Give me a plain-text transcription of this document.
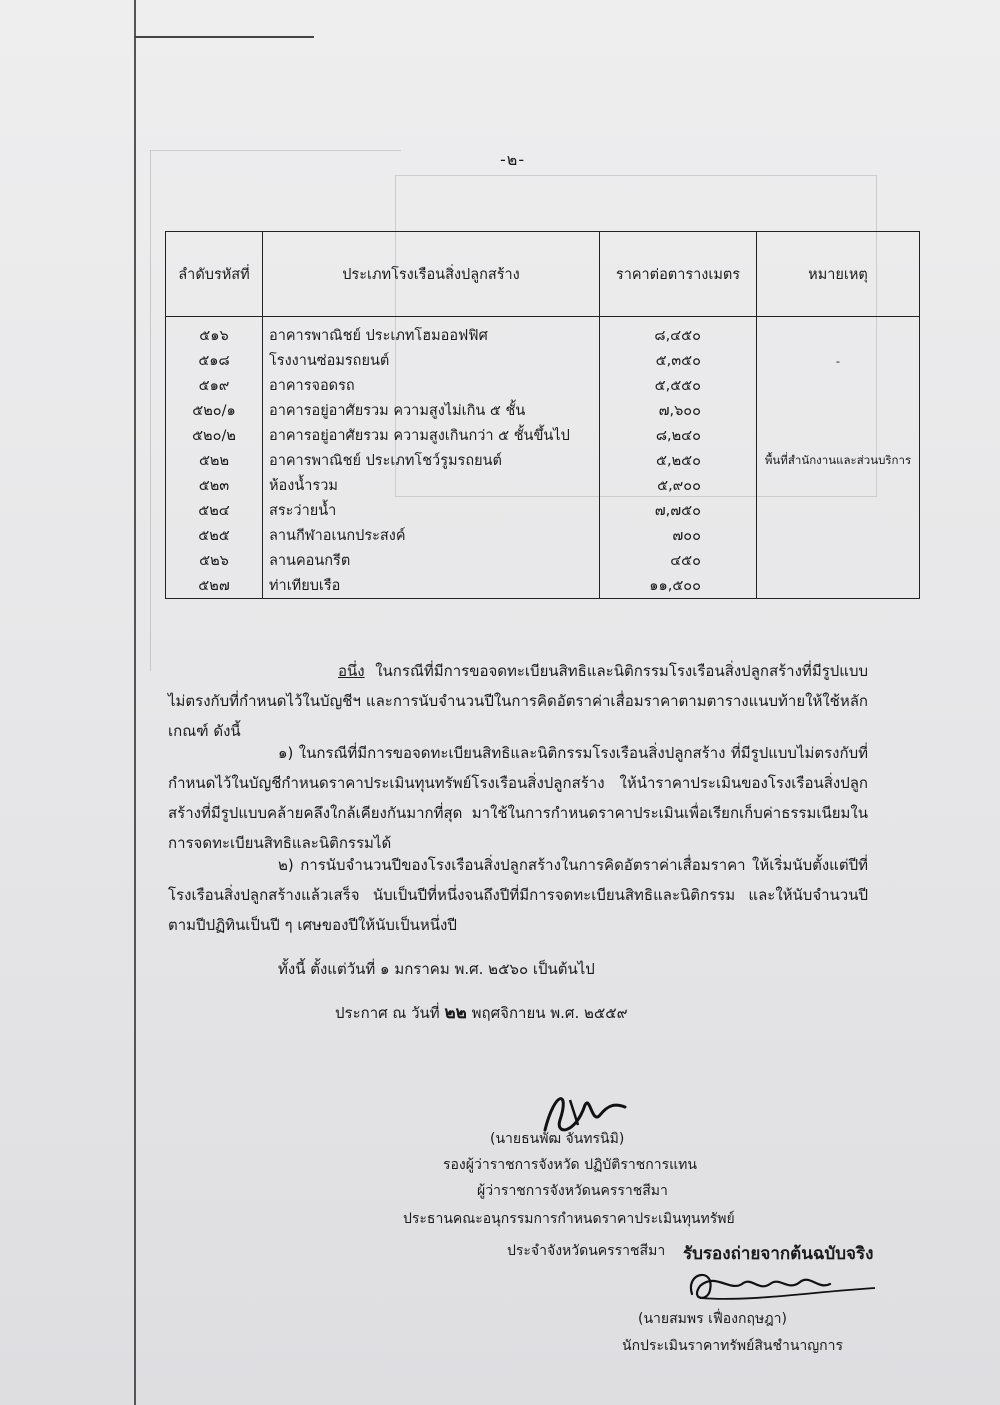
-๒-
ลำดับรหัสที่	ประเภทโรงเรือนสิ่งปลูกสร้าง	ราคาต่อตารางเมตร	หมายเหตุ
๕๑๖	อาคารพาณิชย์ ประเภทโฮมออฟฟิศ	๘,๔๕๐	
๕๑๘	โรงงานซ่อมรถยนต์	๕,๓๕๐	-
๕๑๙	อาคารจอดรถ	๕,๕๕๐	
๕๒๐/๑	อาคารอยู่อาศัยรวม ความสูงไม่เกิน ๕ ชั้น	๗,๖๐๐	
๕๒๐/๒	อาคารอยู่อาศัยรวม ความสูงเกินกว่า ๕ ชั้นขึ้นไป	๘,๒๔๐	
๕๒๒	อาคารพาณิชย์ ประเภทโชว์รูมรถยนต์	๕,๒๕๐	พื้นที่สำนักงานและส่วนบริการ
๕๒๓	ห้องน้ำรวม	๕,๙๐๐	
๕๒๔	สระว่ายน้ำ	๗,๗๕๐	
๕๒๕	ลานกีฬาอเนกประสงค์	๗๐๐	
๕๒๖	ลานคอนกรีต	๔๕๐	
๕๒๗	ท่าเทียบเรือ	๑๑,๕๐๐	
อนึ่ง ในกรณีที่มีการขอจดทะเบียนสิทธิและนิติกรรมโรงเรือนสิ่งปลูกสร้างที่มีรูปแบบไม่ตรงกับที่กำหนดไว้ในบัญชีฯ และการนับจำนวนปีในการคิดอัตราค่าเสื่อมราคาตามตารางแนบท้ายให้ใช้หลักเกณฑ์ ดังนี้
๑) ในกรณีที่มีการขอจดทะเบียนสิทธิและนิติกรรมโรงเรือนสิ่งปลูกสร้าง ที่มีรูปแบบไม่ตรงกับที่กำหนดไว้ในบัญชีกำหนดราคาประเมินทุนทรัพย์โรงเรือนสิ่งปลูกสร้าง ให้นำราคาประเมินของโรงเรือนสิ่งปลูกสร้างที่มีรูปแบบคล้ายคลึงใกล้เคียงกันมากที่สุด มาใช้ในการกำหนดราคาประเมินเพื่อเรียกเก็บค่าธรรมเนียมในการจดทะเบียนสิทธิและนิติกรรมได้
๒) การนับจำนวนปีของโรงเรือนสิ่งปลูกสร้างในการคิดอัตราค่าเสื่อมราคา ให้เริ่มนับตั้งแต่ปีที่โรงเรือนสิ่งปลูกสร้างแล้วเสร็จ นับเป็นปีที่หนึ่งจนถึงปีที่มีการจดทะเบียนสิทธิและนิติกรรม และให้นับจำนวนปีตามปีปฏิทินเป็นปี ๆ เศษของปีให้นับเป็นหนึ่งปี
ทั้งนี้ ตั้งแต่วันที่ ๑ มกราคม พ.ศ. ๒๕๖๐ เป็นต้นไป
ประกาศ ณ วันที่ ๒๒ พฤศจิกายน พ.ศ. ๒๕๕๙
(นายธนพัฒ จันทรนิมิ)
รองผู้ว่าราชการจังหวัด ปฏิบัติราชการแทน
ผู้ว่าราชการจังหวัดนครราชสีมา
ประธานคณะอนุกรรมการกำหนดราคาประเมินทุนทรัพย์
ประจำจังหวัดนครราชสีมา รับรองถ่ายจากต้นฉบับจริง
(นายสมพร เฟื่องกฤษฎา)
นักประเมินราคาทรัพย์สินชำนาญการ
